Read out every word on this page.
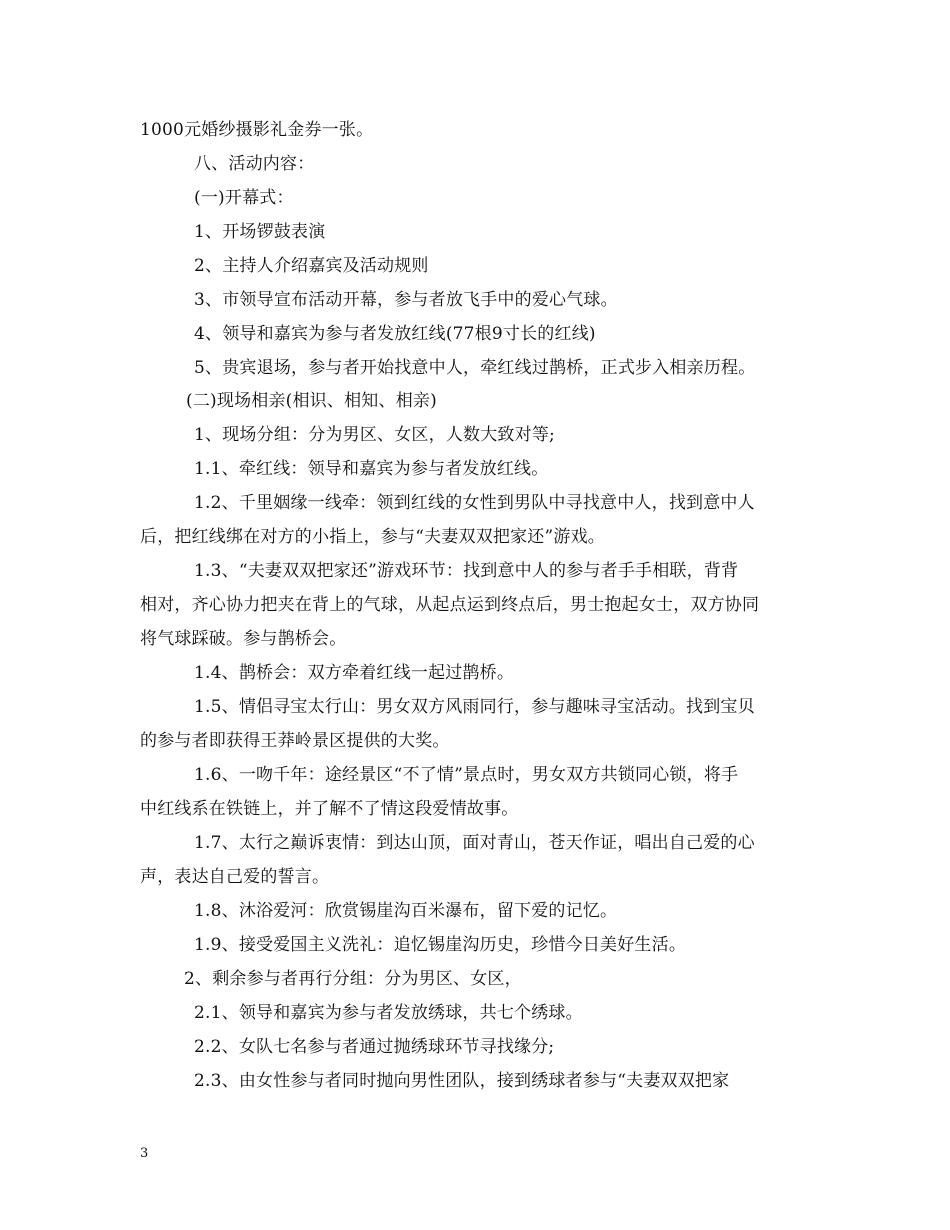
1000元婚纱摄影礼金券一张。
八、活动内容：
(一)开幕式：
1、开场锣鼓表演
2、主持人介绍嘉宾及活动规则
3、市领导宣布活动开幕，参与者放飞手中的爱心气球。
4、领导和嘉宾为参与者发放红线(77根9寸长的红线)
5、贵宾退场，参与者开始找意中人，牵红线过鹊桥，正式步入相亲历程。
(二)现场相亲(相识、相知、相亲)
1、现场分组：分为男区、女区，人数大致对等;
1.1、牵红线：领导和嘉宾为参与者发放红线。
1.2、千里姻缘一线牵：领到红线的女性到男队中寻找意中人，找到意中人
后，把红线绑在对方的小指上，参与“夫妻双双把家还”游戏。
1.3、“夫妻双双把家还”游戏环节：找到意中人的参与者手手相联，背背
相对，齐心协力把夹在背上的气球，从起点运到终点后，男士抱起女士，双方协同
将气球踩破。参与鹊桥会。
1.4、鹊桥会：双方牵着红线一起过鹊桥。
1.5、情侣寻宝太行山：男女双方风雨同行，参与趣味寻宝活动。找到宝贝
的参与者即获得王莽岭景区提供的大奖。
1.6、一吻千年：途经景区“不了情”景点时，男女双方共锁同心锁，将手
中红线系在铁链上，并了解不了情这段爱情故事。
1.7、太行之巅诉衷情：到达山顶，面对青山，苍天作证，唱出自己爱的心
声，表达自己爱的誓言。
1.8、沐浴爱河：欣赏锡崖沟百米瀑布，留下爱的记忆。
1.9、接受爱国主义洗礼：追忆锡崖沟历史，珍惜今日美好生活。
2、剩余参与者再行分组：分为男区、女区，
2.1、领导和嘉宾为参与者发放绣球，共七个绣球。
2.2、女队七名参与者通过抛绣球环节寻找缘分;
2.3、由女性参与者同时抛向男性团队，接到绣球者参与“夫妻双双把家
3
